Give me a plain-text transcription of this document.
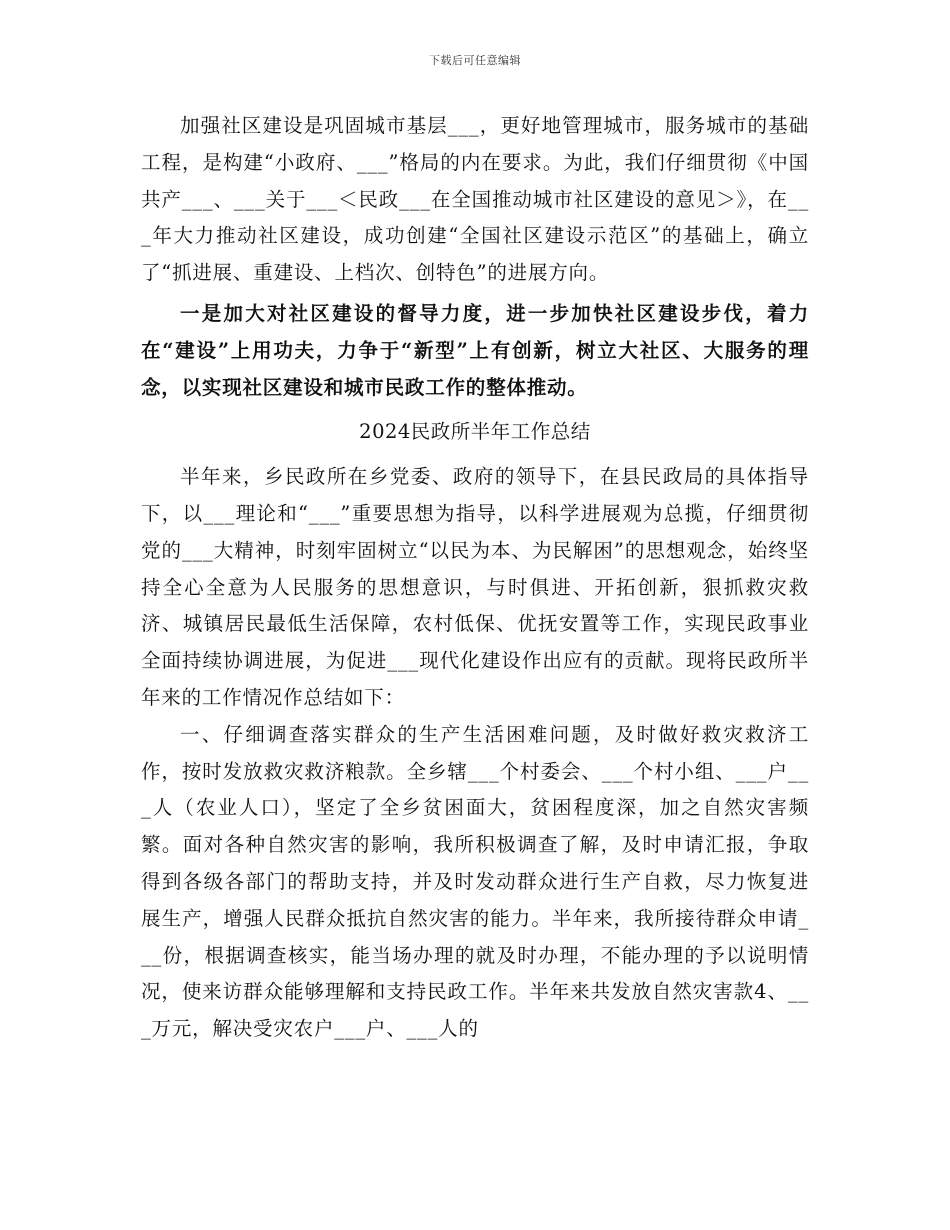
下载后可任意编辑

加强社区建设是巩固城市基层___，更好地管理城市，服务城市的基础工程，是构建“小政府、___”格局的内在要求。为此，我们仔细贯彻《中国共产___、___关于___＜民政___在全国推动城市社区建设的意见＞》，在___年大力推动社区建设，成功创建“全国社区建设示范区”的基础上，确立了“抓进展、重建设、上档次、创特色”的进展方向。

一是加大对社区建设的督导力度，进一步加快社区建设步伐，着力在“建设”上用功夫，力争于“新型”上有创新，树立大社区、大服务的理念，以实现社区建设和城市民政工作的整体推动。

2024民政所半年工作总结

半年来，乡民政所在乡党委、政府的领导下，在县民政局的具体指导下，以___理论和“___”重要思想为指导，以科学进展观为总揽，仔细贯彻党的___大精神，时刻牢固树立“以民为本、为民解困”的思想观念，始终坚持全心全意为人民服务的思想意识，与时俱进、开拓创新，狠抓救灾救济、城镇居民最低生活保障，农村低保、优抚安置等工作，实现民政事业全面持续协调进展，为促进___现代化建设作出应有的贡献。现将民政所半年来的工作情况作总结如下：

一、仔细调查落实群众的生产生活困难问题，及时做好救灾救济工作，按时发放救灾救济粮款。全乡辖___个村委会、___个村小组、___户___人（农业人口），坚定了全乡贫困面大，贫困程度深，加之自然灾害频繁。面对各种自然灾害的影响，我所积极调查了解，及时申请汇报，争取得到各级各部门的帮助支持，并及时发动群众进行生产自救，尽力恢复进展生产，增强人民群众抵抗自然灾害的能力。半年来，我所接待群众申请___份，根据调查核实，能当场办理的就及时办理，不能办理的予以说明情况，使来访群众能够理解和支持民政工作。半年来共发放自然灾害款4、___万元，解决受灾农户___户、___人的
